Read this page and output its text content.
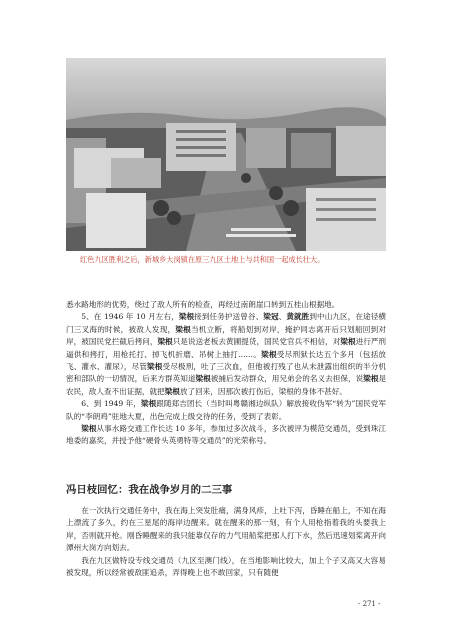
红色九区胜利之后，新城乡大岗镇在原三九区土地上与共和国一起成长壮大。

悉水路地形的优势，绕过了敌人所有的检查，再经过南朗崖口转到五桂山根据地。

5、在 1946 年 10 月左右，梁根接到任务护送曾谷、梁冠、黄就胜到中山九区，在途径横门三叉海的时候，被敌人发现，梁根当机立断，将船划到对岸，掩护同志离开后只划船回到对岸，被国民党拦截后拷问，梁根只是说送老板去黄圃提货，国民党官兵不相信，对梁根进行严刑逼供和拷打，用枪托打、掉飞机折磨、吊树上抽打……。梁根受尽刑狱长达五个多月（包括放飞、灌水、灌尿），尽管梁根受尽极刑，吐了三次血，但他被打残了也从未泄露出组织的半分机密和部队的一切情况，后来方群英知道梁根被捕后发动群众，用兄弟会的名义去担保，说梁根是农民，敌人查不出证据，就把梁根放了回来，因那次被打伤后，梁根的身体不甚好。

6、到 1949 年，梁根跟随郑吉团长（当时叫粤赣湘边纵队）解放接收伪军“转为”国民党军队的“李朗鸡”驻地大夏，出色完成上级交待的任务，受到了表彰。

梁根从事水路交通工作长达 10 多年，参加过多次战斗，多次被评为模范交通员，受到珠江地委的嘉奖，并授予他“硬骨头英勇特等交通员”的光荣称号。

冯日枝回忆：我在战争岁月的二三事

在一次执行交通任务中，我在海上突发肚痛，满身风疹，上吐下泻，昏睡在船上，不知在海上漂流了多久，约在三星尾的海岸边醒来。就在醒来的那一刻，有个人用枪指着我的头要我上岸，否则就开枪。刚昏睡醒来的我只能靠仅存的力气用船桨把那人打下水，然后迅速划桨离开向潭州大岗方向划去。

我在九区做特设专线交通员（九区至澳门线），在当地影响比较大，加上个子又高又大容易被发现，所以经常被敌匪追杀，弄得晚上也不敢回家，只有随便

- 271 -
